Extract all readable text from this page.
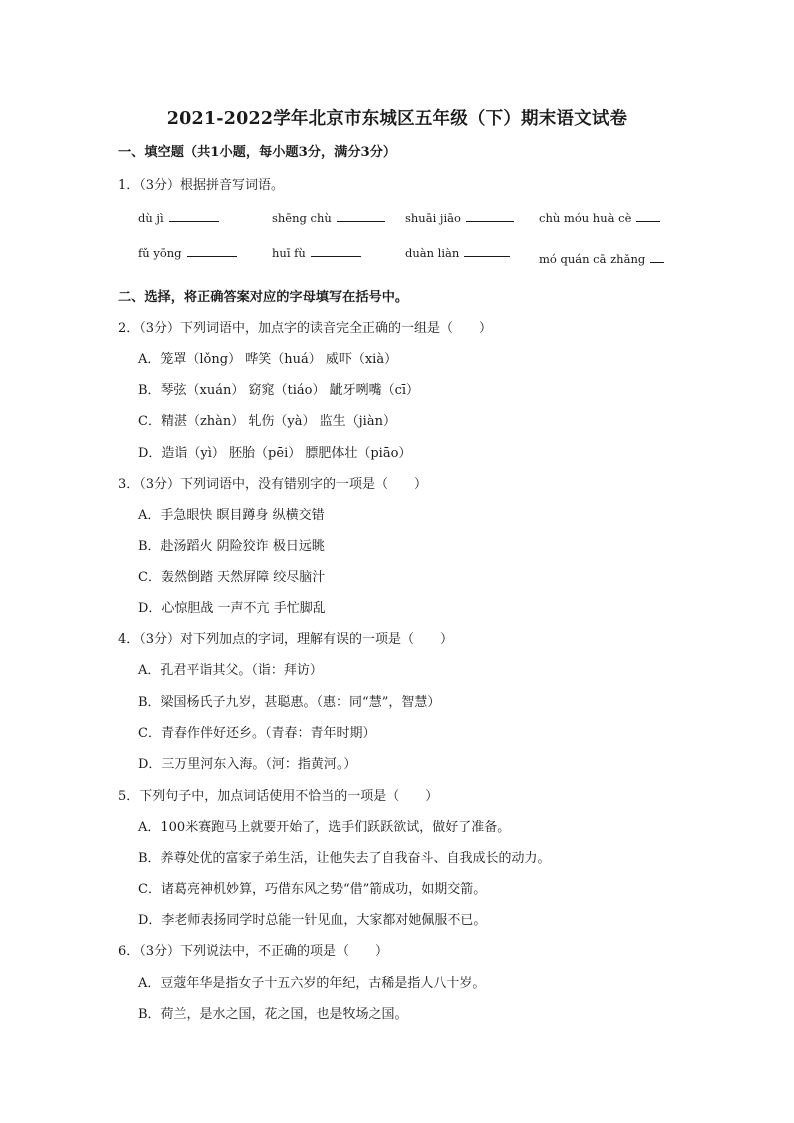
2021-2022学年北京市东城区五年级（下）期末语文试卷
一、填空题（共1小题，每小题3分，满分3分）
1．（3分）根据拼音写词语。
dù jì	shēng chù	shuāi jiāo	chù móu huà cè
fǔ yōng	huī fù	duàn liàn	mó quán cā zhǎng
二、选择，将正确答案对应的字母填写在括号中。
2．（3分）下列词语中，加点字的读音完全正确的一组是（　　）
A．笼罩（lǒng） 哗笑（huá） 威吓（xià）
B．琴弦（xuán） 窈窕（tiáo） 龇牙咧嘴（cī）
C．精湛（zhàn） 轧伤（yà） 监生（jiàn）
D．造诣（yì） 胚胎（pēi） 膘肥体壮（piāo）
3．（3分）下列词语中，没有错别字的一项是（　　）
A．手急眼快 瞑目蹲身 纵横交错
B．赴汤蹈火 阴险狡诈 极日远眺
C．轰然倒踏 天然屏障 绞尽脑汁
D．心惊胆战 一声不亢 手忙脚乱
4．（3分）对下列加点的字词，理解有误的一项是（　　）
A．孔君平诣其父。（诣：拜访）
B．梁国杨氏子九岁，甚聪惠。（惠：同“慧”，智慧）
C．青春作伴好还乡。（青春：青年时期）
D．三万里河东入海。（河：指黄河。）
5．下列句子中，加点词话使用不恰当的一项是（　　）
A．100米赛跑马上就要开始了，选手们跃跃欲试，做好了准备。
B．养尊处优的富家子弟生活，让他失去了自我奋斗、自我成长的动力。
C．诸葛亮神机妙算，巧借东风之势“借”箭成功，如期交箭。
D．李老师表扬同学时总能一针见血，大家都对她佩服不已。
6．（3分）下列说法中，不正确的项是（　　）
A．豆蔻年华是指女子十五六岁的年纪，古稀是指人八十岁。
B．荷兰，是水之国，花之国，也是牧场之国。
